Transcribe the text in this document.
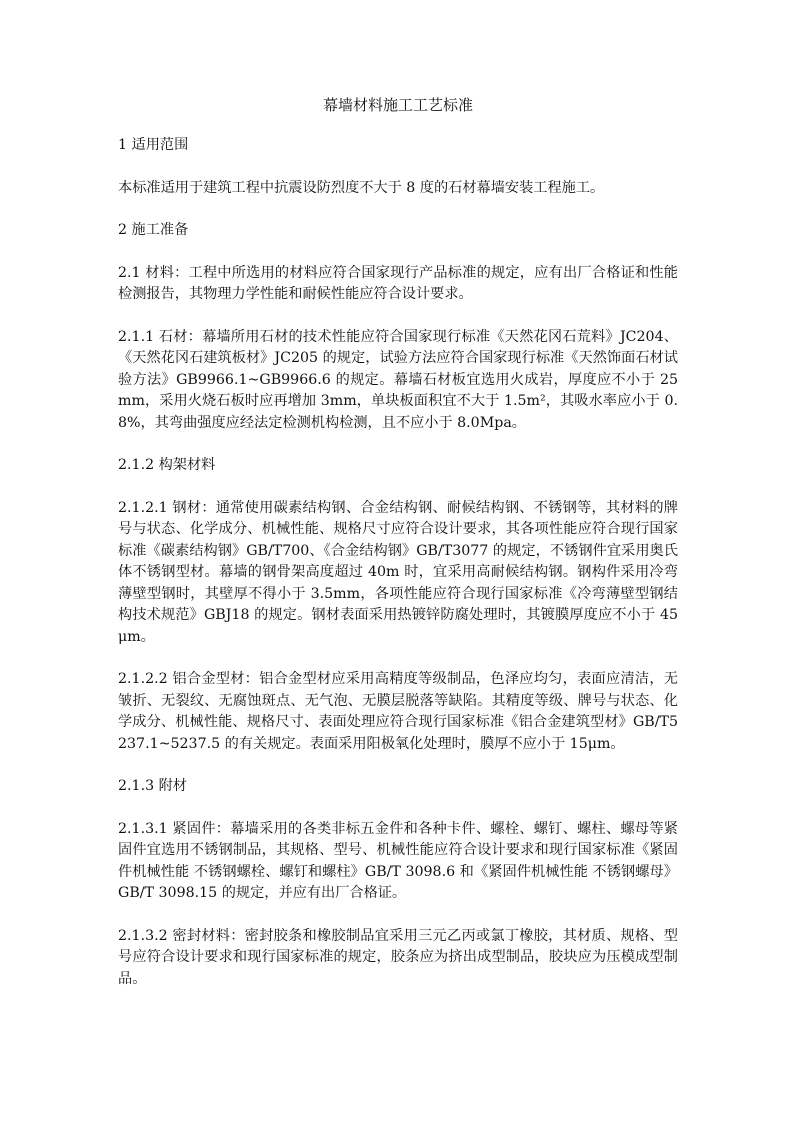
幕墙材料施工工艺标准
1 适用范围
本标准适用于建筑工程中抗震设防烈度不大于 8 度的石材幕墙安装工程施工。
2 施工准备
2.1 材料：工程中所选用的材料应符合国家现行产品标准的规定，应有出厂合格证和性能检测报告，其物理力学性能和耐候性能应符合设计要求。
2.1.1 石材：幕墙所用石材的技术性能应符合国家现行标准《天然花冈石荒料》JC204、《天然花冈石建筑板材》JC205 的规定，试验方法应符合国家现行标准《天然饰面石材试验方法》GB9966.1~GB9966.6 的规定。幕墙石材板宜选用火成岩，厚度应不小于 25mm，采用火烧石板时应再增加 3mm，单块板面积宜不大于 1.5m²，其吸水率应小于 0.8%，其弯曲强度应经法定检测机构检测，且不应小于 8.0Mpa。
2.1.2 构架材料
2.1.2.1 钢材：通常使用碳素结构钢、合金结构钢、耐候结构钢、不锈钢等，其材料的牌号与状态、化学成分、机械性能、规格尺寸应符合设计要求，其各项性能应符合现行国家标准《碳素结构钢》GB/T700、《合金结构钢》GB/T3077 的规定，不锈钢件宜采用奥氏体不锈钢型材。幕墙的钢骨架高度超过 40m 时，宜采用高耐候结构钢。钢构件采用冷弯薄壁型钢时，其壁厚不得小于 3.5mm，各项性能应符合现行国家标准《冷弯薄壁型钢结构技术规范》GBJ18 的规定。钢材表面采用热镀锌防腐处理时，其镀膜厚度应不小于 45μm。
2.1.2.2 铝合金型材：铝合金型材应采用高精度等级制品，色泽应均匀，表面应清洁，无皱折、无裂纹、无腐蚀斑点、无气泡、无膜层脱落等缺陷。其精度等级、牌号与状态、化学成分、机械性能、规格尺寸、表面处理应符合现行国家标准《铝合金建筑型材》GB/T5237.1~5237.5 的有关规定。表面采用阳极氧化处理时，膜厚不应小于 15μm。
2.1.3 附材
2.1.3.1 紧固件：幕墙采用的各类非标五金件和各种卡件、螺栓、螺钉、螺柱、螺母等紧固件宜选用不锈钢制品，其规格、型号、机械性能应符合设计要求和现行国家标准《紧固件机械性能 不锈钢螺栓、螺钉和螺柱》GB/T 3098.6 和《紧固件机械性能 不锈钢螺母》GB/T 3098.15 的规定，并应有出厂合格证。
2.1.3.2 密封材料：密封胶条和橡胶制品宜采用三元乙丙或氯丁橡胶，其材质、规格、型号应符合设计要求和现行国家标准的规定，胶条应为挤出成型制品，胶块应为压模成型制品。
